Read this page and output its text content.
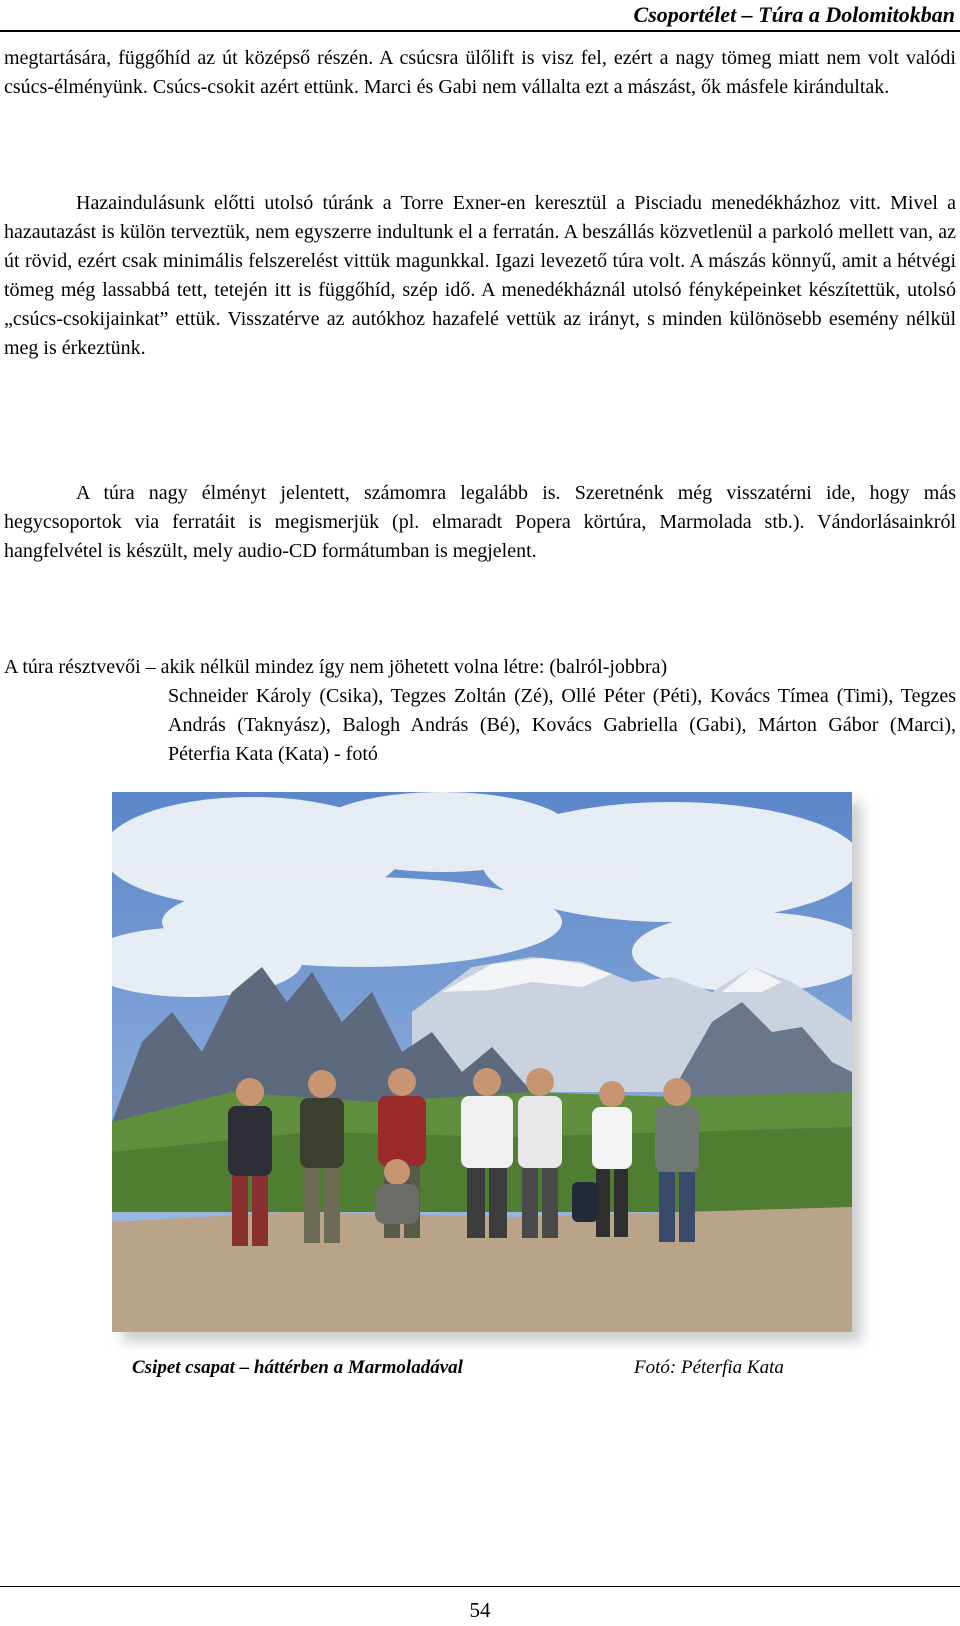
Csoportélet – Túra a Dolomitokban

megtartására, függőhíd az út középső részén. A csúcsra ülőlift is visz fel, ezért a nagy tömeg miatt nem volt valódi csúcs-élményünk. Csúcs-csokit azért ettünk. Marci és Gabi nem vállalta ezt a mászást, ők másfele kirándultak.

Hazaindulásunk előtti utolsó túránk a Torre Exner-en keresztül a Pisciadu menedékházhoz vitt. Mivel a hazautazást is külön terveztük, nem egyszerre indultunk el a ferratán. A beszállás közvetlenül a parkoló mellett van, az út rövid, ezért csak minimális felszerelést vittük magunkkal. Igazi levezető túra volt. A mászás könnyű, amit a hétvégi tömeg még lassabbá tett, tetején itt is függőhíd, szép idő. A menedékháznál utolsó fényképeinket készítettük, utolsó „csúcs-csokijainkat” ettük. Visszatérve az autókhoz hazafelé vettük az irányt, s minden különösebb esemény nélkül meg is érkeztünk.

A túra nagy élményt jelentett, számomra legalább is. Szeretnénk még visszatérni ide, hogy más hegycsoportok via ferratáit is megismerjük (pl. elmaradt Popera körtúra, Marmolada stb.). Vándorlásainkról hangfelvétel is készült, mely audio-CD formátumban is megjelent.

A túra résztvevői – akik nélkül mindez így nem jöhetett volna létre: (balról-jobbra)

Schneider Károly (Csika), Tegzes Zoltán (Zé), Ollé Péter (Péti), Kovács Tímea (Timi), Tegzes András (Taknyász), Balogh András (Bé), Kovács Gabriella (Gabi), Márton Gábor (Marci), Péterfia Kata (Kata) - fotó

Csipet csapat – háttérben a Marmoladával	Fotó: Péterfia Kata
54
